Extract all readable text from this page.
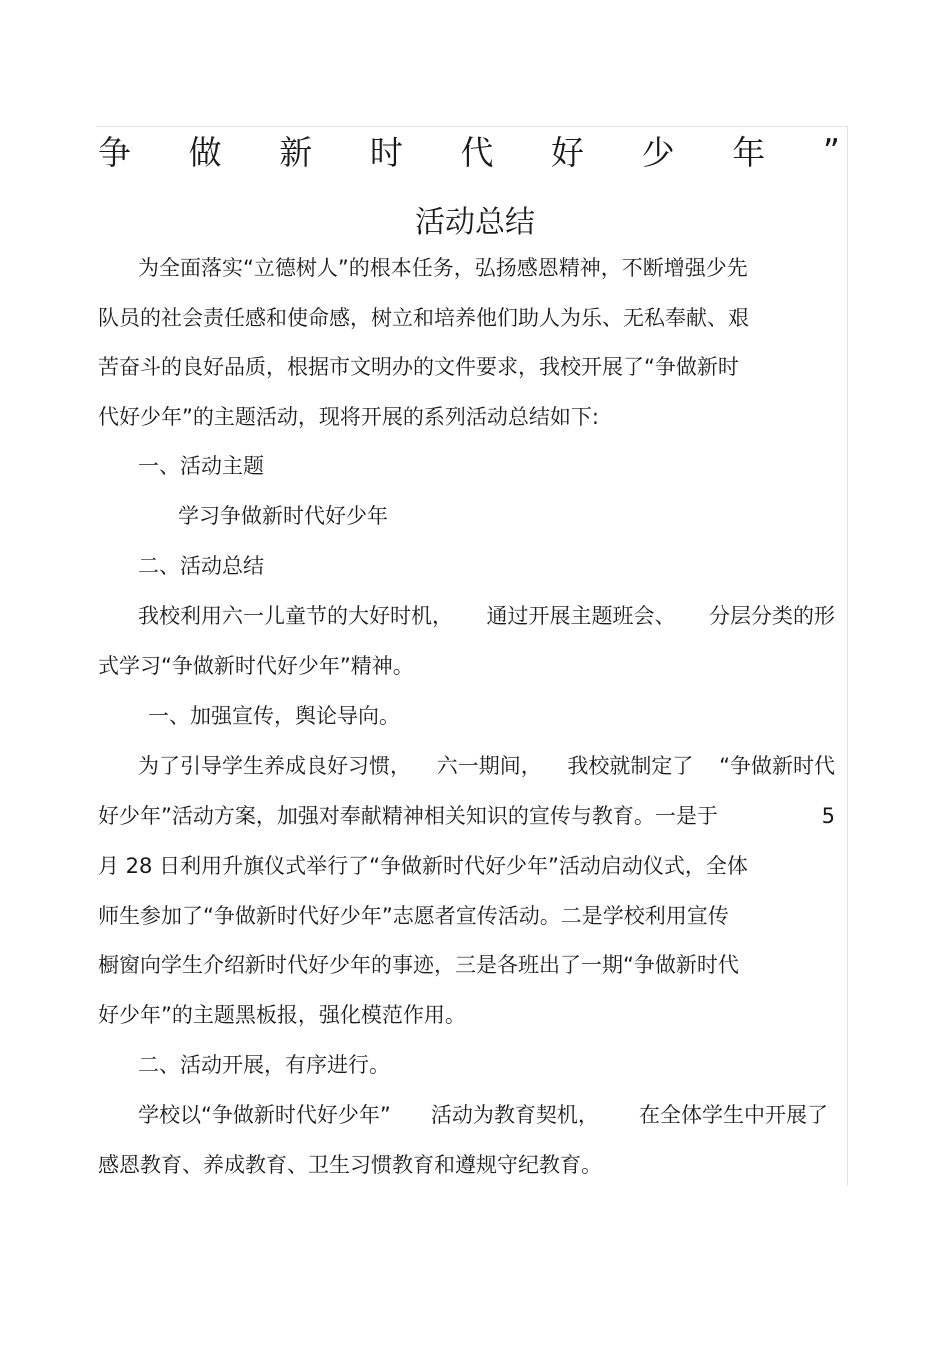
争 做 新 时 代 好 少 年 ”
活动总结
为全面落实“立德树人”的根本任务，弘扬感恩精神，不断增强少先
队员的社会责任感和使命感，树立和培养他们助人为乐、无私奉献、艰
苦奋斗的良好品质，根据市文明办的文件要求，我校开展了“争做新时
代好少年”的主题活动，现将开展的系列活动总结如下:
一、活动主题
学习争做新时代好少年
二、活动总结
我校利用六一儿童节的大好时机， 通过开展主题班会、 分层分类的形
式学习“争做新时代好少年”精神。
一、加强宣传，舆论导向。
为了引导学生养成良好习惯， 六一期间， 我校就制定了 “争做新时代
好少年”活动方案，加强对奉献精神相关知识的宣传与教育。一是于	5
月 28 日利用升旗仪式举行了“争做新时代好少年”活动启动仪式，全体
师生参加了“争做新时代好少年”志愿者宣传活动。二是学校利用宣传
橱窗向学生介绍新时代好少年的事迹，三是各班出了一期“争做新时代
好少年”的主题黑板报，强化模范作用。
二、活动开展，有序进行。
学校以“争做新时代好少年” 活动为教育契机， 在全体学生中开展了
感恩教育、养成教育、卫生习惯教育和遵规守纪教育。
